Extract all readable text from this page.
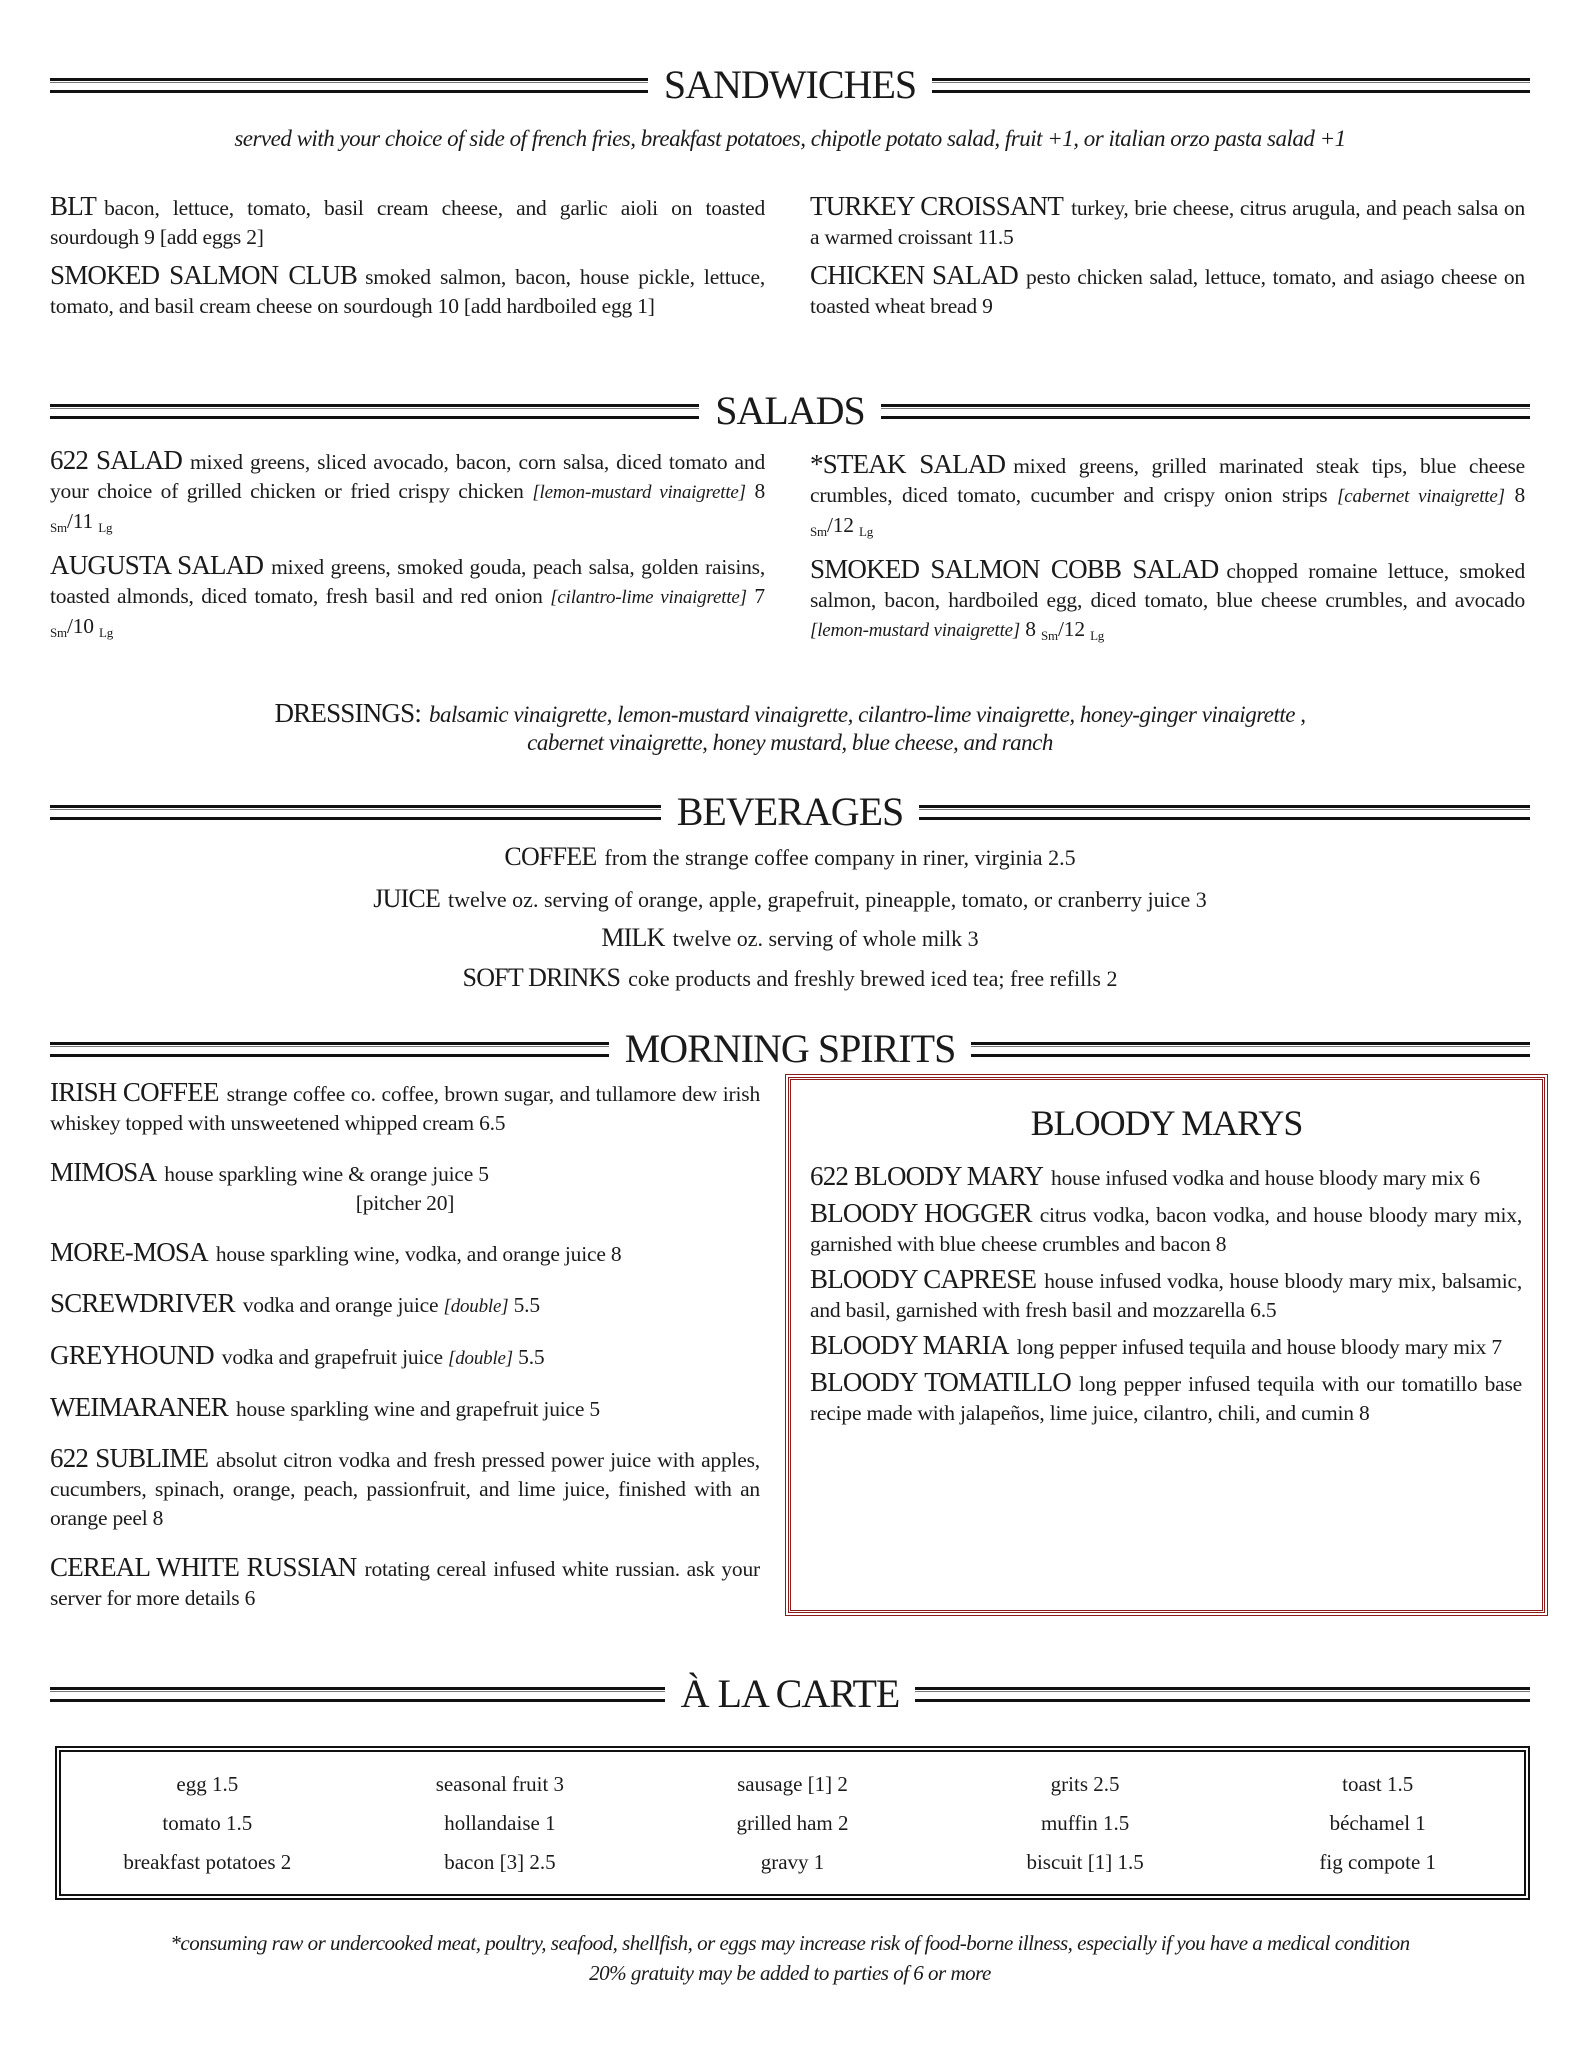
SANDWICHES
served with your choice of side of french fries, breakfast potatoes, chipotle potato salad, fruit +1, or italian orzo pasta salad +1
BLT bacon, lettuce, tomato, basil cream cheese, and garlic aioli on toasted sourdough 9 [add eggs 2]
SMOKED SALMON CLUB smoked salmon, bacon, house pickle, lettuce, tomato, and basil cream cheese on sourdough 10 [add hardboiled egg 1]
TURKEY CROISSANT turkey, brie cheese, citrus arugula, and peach salsa on a warmed croissant 11.5
CHICKEN SALAD pesto chicken salad, lettuce, tomato, and asiago cheese on toasted wheat bread 9
SALADS
622 SALAD mixed greens, sliced avocado, bacon, corn salsa, diced tomato and your choice of grilled chicken or fried crispy chicken [lemon-mustard vinaigrette] 8 $_{Sm}$/11 $_{Lg}$
AUGUSTA SALAD mixed greens, smoked gouda, peach salsa, golden raisins, toasted almonds, diced tomato, fresh basil and red onion [cilantro-lime vinaigrette] 7 $_{Sm}$/10 $_{Lg}$
*STEAK SALAD mixed greens, grilled marinated steak tips, blue cheese crumbles, diced tomato, cucumber and crispy onion strips [cabernet vinaigrette] 8 $_{Sm}$/12 $_{Lg}$
SMOKED SALMON COBB SALAD chopped romaine lettuce, smoked salmon, bacon, hardboiled egg, diced tomato, blue cheese crumbles, and avocado [lemon-mustard vinaigrette] 8 $_{Sm}$/12 $_{Lg}$
DRESSINGS: balsamic vinaigrette, lemon-mustard vinaigrette, cilantro-lime vinaigrette, honey-ginger vinaigrette ,
cabernet vinaigrette, honey mustard, blue cheese, and ranch
BEVERAGES
MORNING SPIRITS
IRISH COFFEE strange coffee co. coffee, brown sugar, and tullamore dew irish whiskey topped with unsweetened whipped cream 6.5
MIMOSA house sparkling wine & orange juice 5
[pitcher 20]
MORE-MOSA house sparkling wine, vodka, and orange juice 8
SCREWDRIVER vodka and orange juice [double] 5.5
GREYHOUND vodka and grapefruit juice [double] 5.5
WEIMARANER house sparkling wine and grapefruit juice 5
622 SUBLIME absolut citron vodka and fresh pressed power juice with apples, cucumbers, spinach, orange, peach, passionfruit, and lime juice, finished with an orange peel 8
CEREAL WHITE RUSSIAN rotating cereal infused white russian. ask your server for more details 6
BLOODY MARYS
622 BLOODY MARY house infused vodka and house bloody mary mix 6
BLOODY HOGGER citrus vodka, bacon vodka, and house bloody mary mix, garnished with blue cheese crumbles and bacon 8
BLOODY CAPRESE house infused vodka, house bloody mary mix, balsamic, and basil, garnished with fresh basil and mozzarella 6.5
BLOODY MARIA long pepper infused tequila and house bloody mary mix 7
BLOODY TOMATILLO long pepper infused tequila with our tomatillo base recipe made with jalapeños, lime juice, cilantro, chili, and cumin 8
À LA CARTE
egg 1.5	seasonal fruit 3	sausage [1] 2	grits 2.5	toast 1.5
tomato 1.5	hollandaise 1	grilled ham 2	muffin 1.5	béchamel 1
breakfast potatoes 2	bacon [3] 2.5	gravy 1	biscuit [1] 1.5	fig compote 1
*consuming raw or undercooked meat, poultry, seafood, shellfish, or eggs may increase risk of food-borne illness, especially if you have a medical condition
20% gratuity may be added to parties of 6 or more
COFFEE from the strange coffee company in riner, virginia 2.5
JUICE twelve oz. serving of orange, apple, grapefruit, pineapple, tomato, or cranberry juice 3
MILK twelve oz. serving of whole milk 3
SOFT DRINKS coke products and freshly brewed iced tea; free refills 2
